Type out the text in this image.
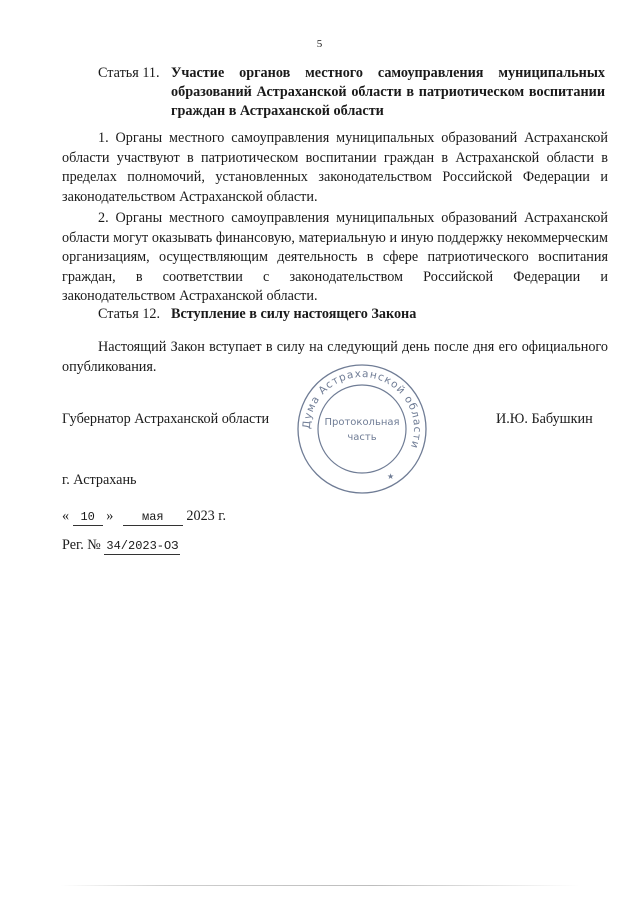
5
Статья 11. Участие органов местного самоуправления муниципальных образований Астраханской области в патриотическом воспитании граждан в Астраханской области

1. Органы местного самоуправления муниципальных образований Астраханской области участвуют в патриотическом воспитании граждан в Астраханской области в пределах полномочий, установленных законодательством Российской Федерации и законодательством Астраханской области.

2. Органы местного самоуправления муниципальных образований Астраханской области могут оказывать финансовую, материальную и иную поддержку некоммерческим организациям, осуществляющим деятельность в сфере патриотического воспитания граждан, в соответствии с законодательством Российской Федерации и законодательством Астраханской области.

Статья 12. Вступление в силу настоящего Закона

Настоящий Закон вступает в силу на следующий день после дня его официального опубликования.

Губернатор Астраханской области	И.Ю. Бабушкин
Дума Астраханской области
★
Протокольная
часть
г. Астрахань
« 10 » мая 2023 г.
Рег. № 34/2023-ОЗ
